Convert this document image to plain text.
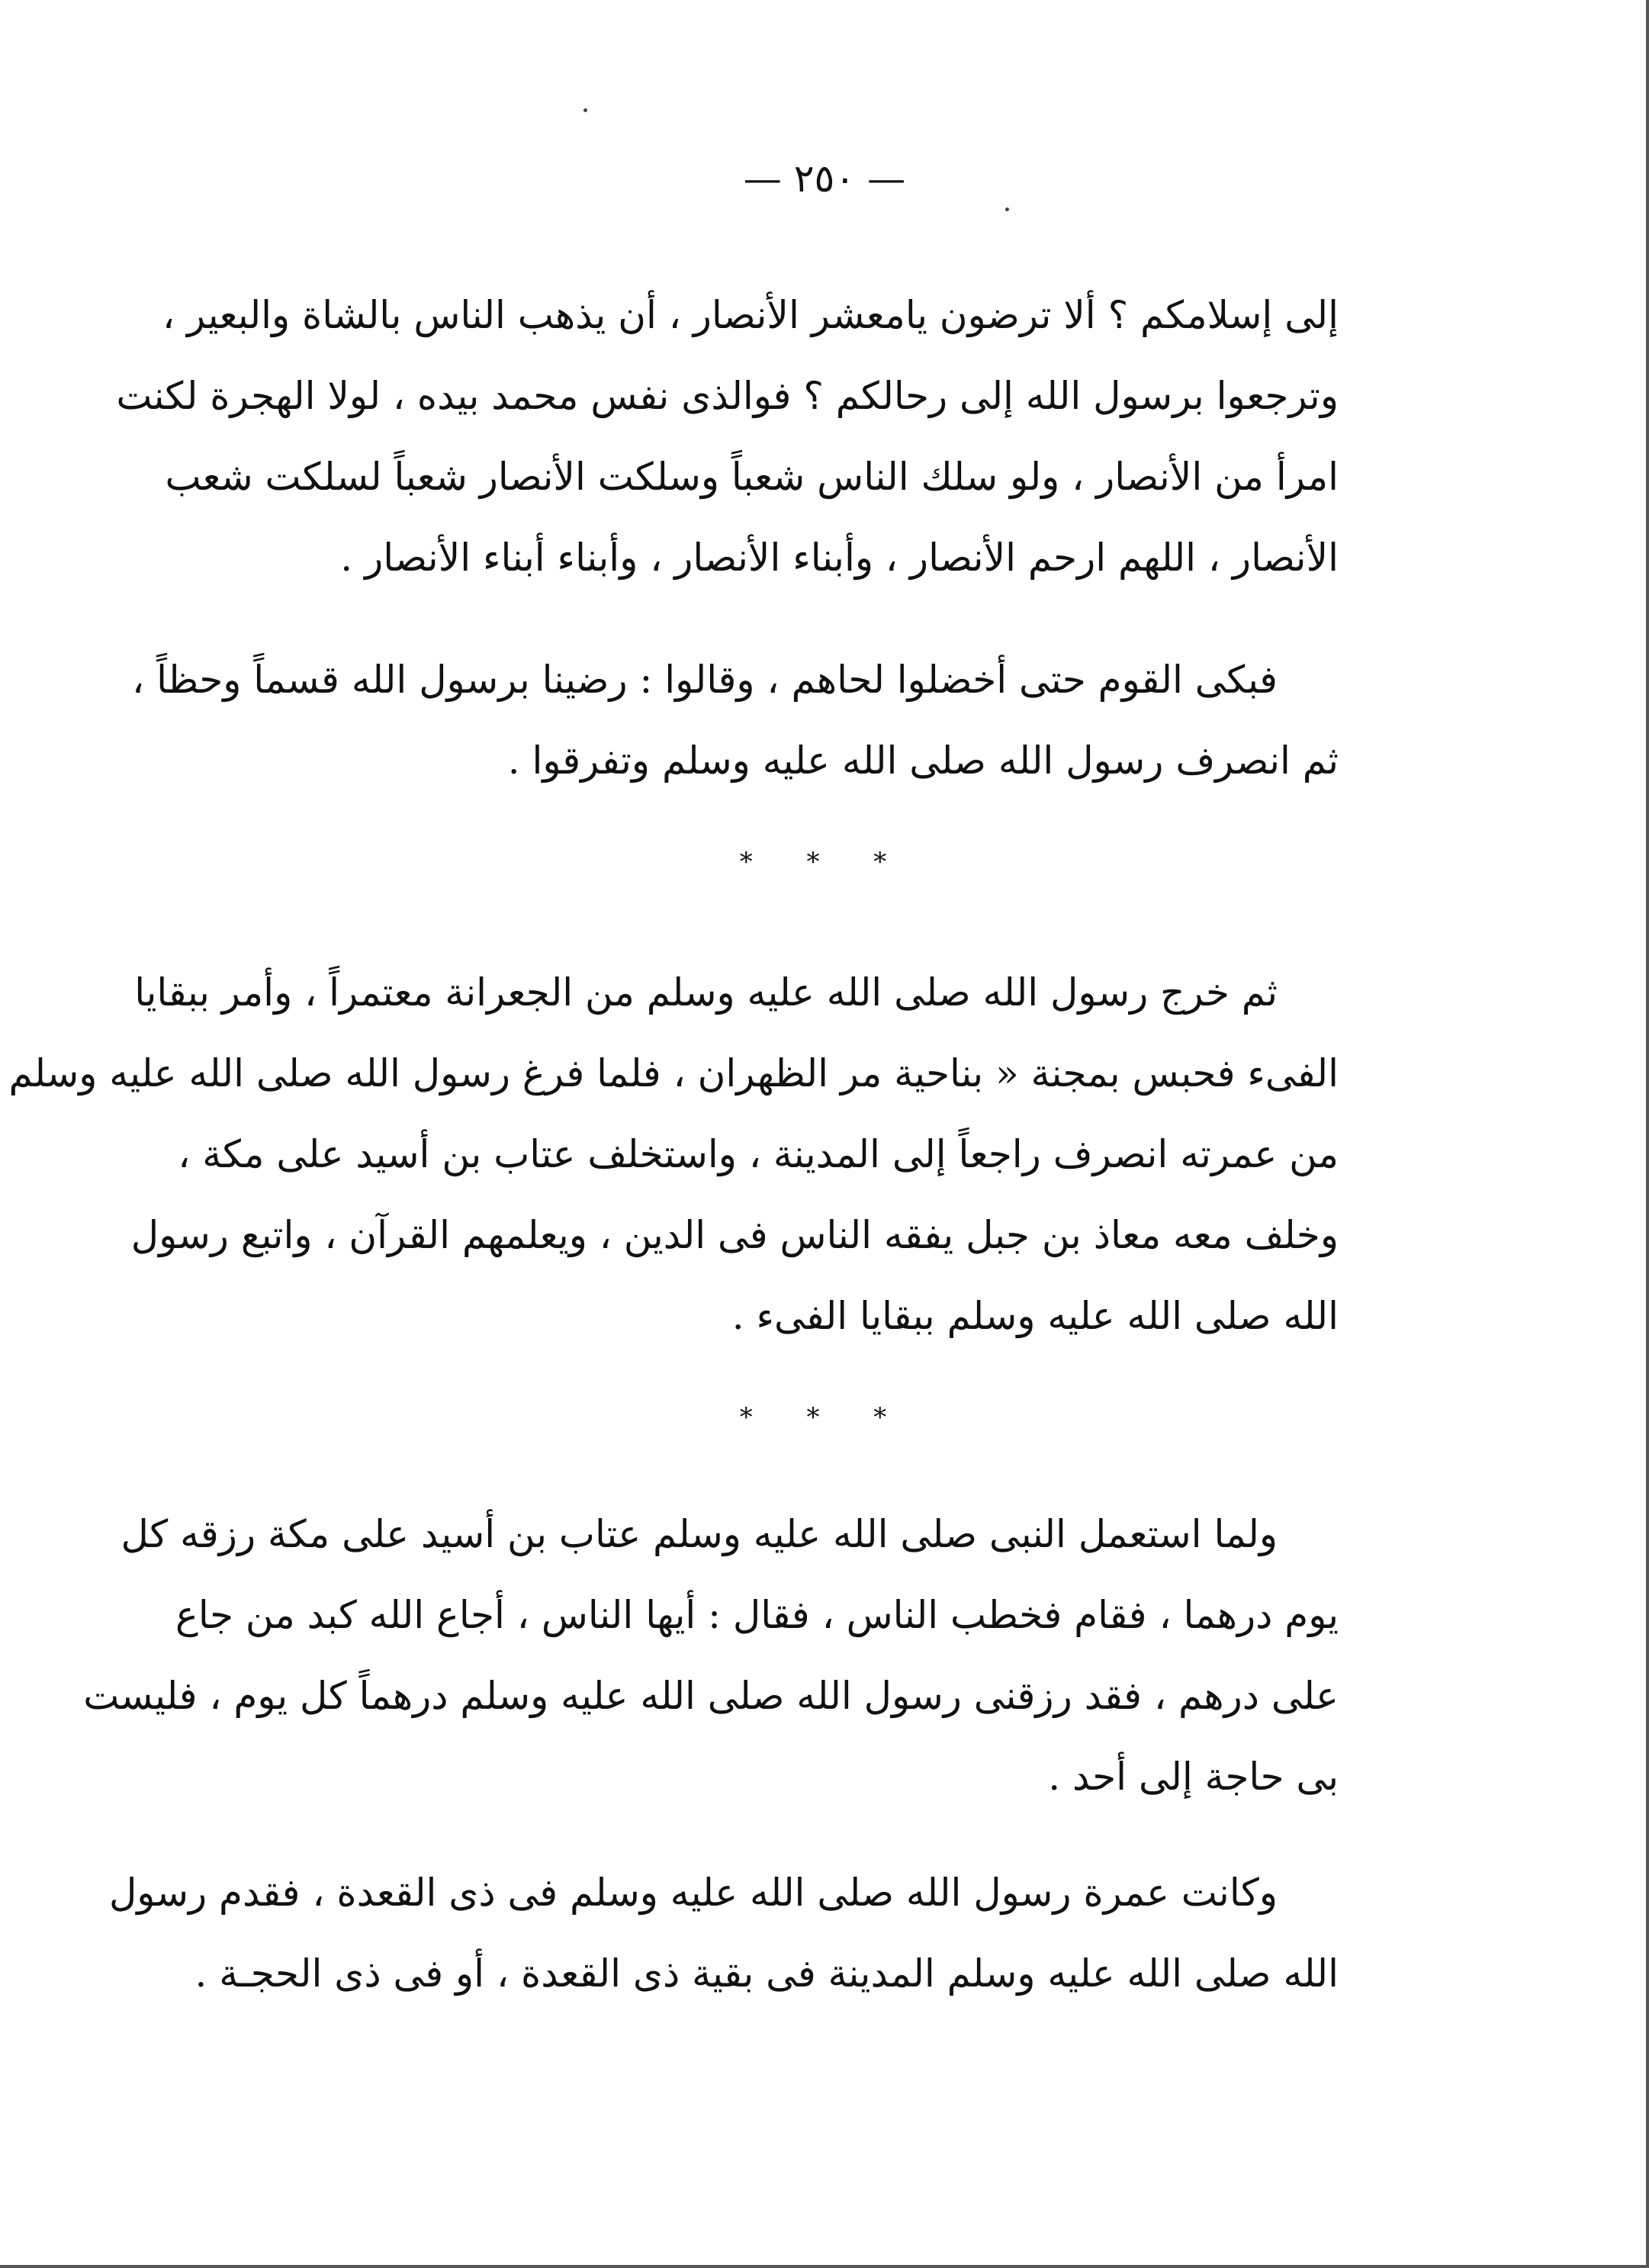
— ٢٥٠ —
إلى إسلامكم ؟ ألا ترضون يامعشر الأنصار ، أن يذهب الناس بالشاة والبعير ،
وترجعوا برسول الله إلى رحالكم ؟ فوالذى نفس محمد بيده ، لولا الهجرة لكنت
امرأ من الأنصار ، ولو سلك الناس شعباً وسلكت الأنصار شعباً لسلكت شعب
الأنصار ، اللهم ارحم الأنصار ، وأبناء الأنصار ، وأبناء أبناء الأنصار .
فبكى القوم حتى أخضلوا لحاهم ، وقالوا : رضينا برسول الله قسماً وحظاً ،
ثم انصرف رسول الله صلى الله عليه وسلم وتفرقوا .
* * *
ثم خرج رسول الله صلى الله عليه وسلم من الجعرانة معتمراً ، وأمر ببقايا
الفىء فحبس بمجنة « بناحية مر الظهران ، فلما فرغ رسول الله صلى الله عليه وسلم
من عمرته انصرف راجعاً إلى المدينة ، واستخلف عتاب بن أسيد على مكة ،
وخلف معه معاذ بن جبل يفقه الناس فى الدين ، ويعلمهم القرآن ، واتبع رسول
الله صلى الله عليه وسلم ببقايا الفىء .
* * *
ولما استعمل النبى صلى الله عليه وسلم عتاب بن أسيد على مكة رزقه كل
يوم درهما ، فقام فخطب الناس ، فقال : أيها الناس ، أجاع الله كبد من جاع
على درهم ، فقد رزقنى رسول الله صلى الله عليه وسلم درهماً كل يوم ، فليست
بى حاجة إلى أحد .
وكانت عمرة رسول الله صلى الله عليه وسلم فى ذى القعدة ، فقدم رسول
الله صلى الله عليه وسلم المدينة فى بقية ذى القعدة ، أو فى ذى الحجـة .
